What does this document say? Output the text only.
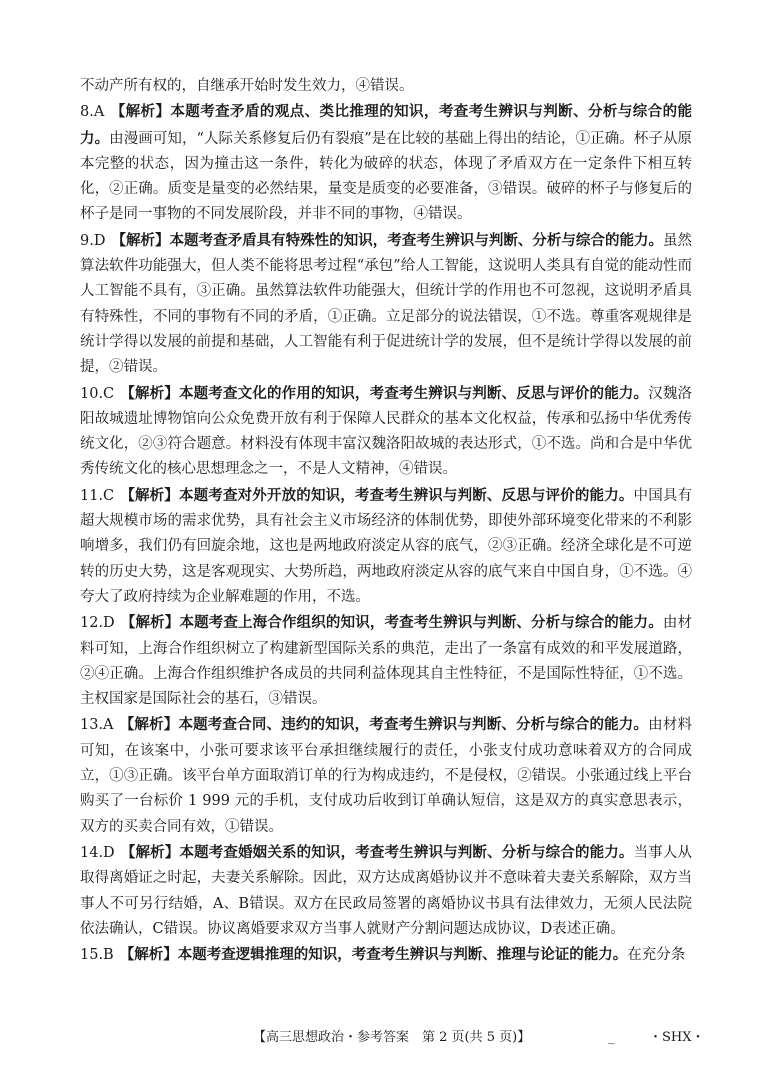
不动产所有权的，自继承开始时发生效力，④错误。

8.A 【解析】本题考查矛盾的观点、类比推理的知识，考查考生辨识与判断、分析与综合的能力。由漫画可知，“人际关系修复后仍有裂痕”是在比较的基础上得出的结论，①正确。杯子从原本完整的状态，因为撞击这一条件，转化为破碎的状态，体现了矛盾双方在一定条件下相互转化，②正确。质变是量变的必然结果，量变是质变的必要准备，③错误。破碎的杯子与修复后的杯子是同一事物的不同发展阶段，并非不同的事物，④错误。

9.D 【解析】本题考查矛盾具有特殊性的知识，考查考生辨识与判断、分析与综合的能力。虽然算法软件功能强大，但人类不能将思考过程“承包”给人工智能，这说明人类具有自觉的能动性而人工智能不具有，③正确。虽然算法软件功能强大，但统计学的作用也不可忽视，这说明矛盾具有特殊性，不同的事物有不同的矛盾，①正确。立足部分的说法错误，①不选。尊重客观规律是统计学得以发展的前提和基础，人工智能有利于促进统计学的发展，但不是统计学得以发展的前提，②错误。

10.C 【解析】本题考查文化的作用的知识，考查考生辨识与判断、反思与评价的能力。汉魏洛阳故城遗址博物馆向公众免费开放有利于保障人民群众的基本文化权益，传承和弘扬中华优秀传统文化，②③符合题意。材料没有体现丰富汉魏洛阳故城的表达形式，①不选。尚和合是中华优秀传统文化的核心思想理念之一，不是人文精神，④错误。

11.C 【解析】本题考查对外开放的知识，考查考生辨识与判断、反思与评价的能力。中国具有超大规模市场的需求优势，具有社会主义市场经济的体制优势，即使外部环境变化带来的不利影响增多，我们仍有回旋余地，这也是两地政府淡定从容的底气，②③正确。经济全球化是不可逆转的历史大势，这是客观现实、大势所趋，两地政府淡定从容的底气来自中国自身，①不选。④夸大了政府持续为企业解难题的作用，不选。

12.D 【解析】本题考查上海合作组织的知识，考查考生辨识与判断、分析与综合的能力。由材料可知，上海合作组织树立了构建新型国际关系的典范，走出了一条富有成效的和平发展道路，②④正确。上海合作组织维护各成员的共同利益体现其自主性特征，不是国际性特征，①不选。主权国家是国际社会的基石，③错误。

13.A 【解析】本题考查合同、违约的知识，考查考生辨识与判断、分析与综合的能力。由材料可知，在该案中，小张可要求该平台承担继续履行的责任，小张支付成功意味着双方的合同成立，①③正确。该平台单方面取消订单的行为构成违约，不是侵权，②错误。小张通过线上平台购买了一台标价 1 999 元的手机，支付成功后收到订单确认短信，这是双方的真实意思表示，双方的买卖合同有效，①错误。

14.D 【解析】本题考查婚姻关系的知识，考查考生辨识与判断、分析与综合的能力。当事人从取得离婚证之时起，夫妻关系解除。因此，双方达成离婚协议并不意味着夫妻关系解除，双方当事人不可另行结婚，A、B错误。双方在民政局签署的离婚协议书具有法律效力，无须人民法院依法确认，C错误。协议离婚要求双方当事人就财产分割问题达成协议，D表述正确。

15.B 【解析】本题考查逻辑推理的知识，考查考生辨识与判断、推理与论证的能力。在充分条

【高三思想政治・参考答案　第 2 页(共 5 页)】	_	・SHX・
